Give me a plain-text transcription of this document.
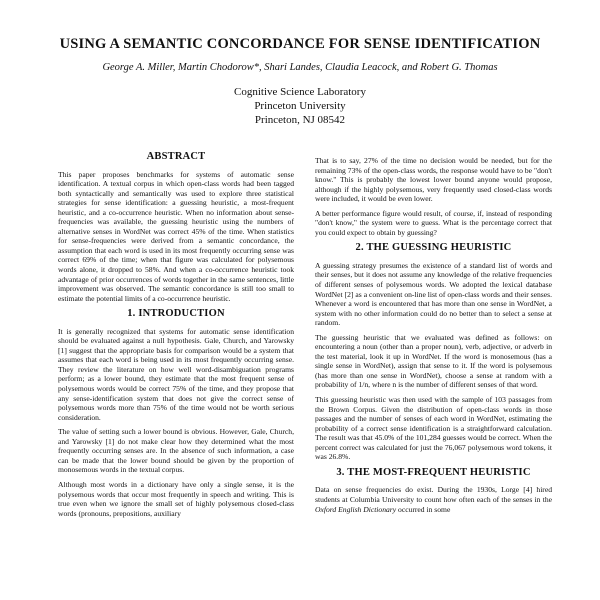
USING A SEMANTIC CONCORDANCE FOR SENSE IDENTIFICATION
George A. Miller, Martin Chodorow*, Shari Landes, Claudia Leacock, and Robert G. Thomas
Cognitive Science Laboratory
Princeton University
Princeton, NJ 08542
ABSTRACT

This paper proposes benchmarks for systems of automatic sense identification. A textual corpus in which open-class words had been tagged both syntactically and semantically was used to explore three statistical strategies for sense identification: a guessing heuristic, a most-frequent heuristic, and a co-occurrence heuristic. When no information about sense-frequencies was available, the guessing heuristic using the numbers of alternative senses in WordNet was correct 45% of the time. When statistics for sense-frequencies were derived from a semantic concordance, the assumption that each word is used in its most frequently occurring sense was correct 69% of the time; when that figure was calculated for polysemous words alone, it dropped to 58%. And when a co-occurrence heuristic took advantage of prior occurrences of words together in the same sentences, little improvement was observed. The semantic concordance is still too small to estimate the potential limits of a co-occurrence heuristic.

1. INTRODUCTION

It is generally recognized that systems for automatic sense identification should be evaluated against a null hypothesis. Gale, Church, and Yarowsky [1] suggest that the appropriate basis for comparison would be a system that assumes that each word is being used in its most frequently occurring sense. They review the literature on how well word-disambiguation programs perform; as a lower bound, they estimate that the most frequent sense of polysemous words would be correct 75% of the time, and they propose that any sense-identification system that does not give the correct sense of polysemous words more than 75% of the time would not be worth serious consideration.

The value of setting such a lower bound is obvious. However, Gale, Church, and Yarowsky [1] do not make clear how they determined what the most frequently occurring senses are. In the absence of such information, a case can be made that the lower bound should be given by the proportion of monosemous words in the textual corpus.

Although most words in a dictionary have only a single sense, it is the polysemous words that occur most frequently in speech and writing. This is true even when we ignore the small set of highly polysemous closed-class words (pronouns, prepositions, auxiliary

That is to say, 27% of the time no decision would be needed, but for the remaining 73% of the open-class words, the response would have to be "don't know." This is probably the lowest lower bound anyone would propose, although if the highly polysemous, very frequently used closed-class words were included, it would be even lower.

A better performance figure would result, of course, if, instead of responding "don't know," the system were to guess. What is the percentage correct that you could expect to obtain by guessing?

2. THE GUESSING HEURISTIC

A guessing strategy presumes the existence of a standard list of words and their senses, but it does not assume any knowledge of the relative frequencies of different senses of polysemous words. We adopted the lexical database WordNet [2] as a convenient on-line list of open-class words and their senses. Whenever a word is encountered that has more than one sense in WordNet, a system with no other information could do no better than to select a sense at random.

The guessing heuristic that we evaluated was defined as follows: on encountering a noun (other than a proper noun), verb, adjective, or adverb in the test material, look it up in WordNet. If the word is monosemous (has a single sense in WordNet), assign that sense to it. If the word is polysemous (has more than one sense in WordNet), choose a sense at random with a probability of 1/n, where n is the number of different senses of that word.

This guessing heuristic was then used with the sample of 103 passages from the Brown Corpus. Given the distribution of open-class words in those passages and the number of senses of each word in WordNet, estimating the probability of a correct sense identification is a straightforward calculation. The result was that 45.0% of the 101,284 guesses would be correct. When the percent correct was calculated for just the 76,067 polysemous word tokens, it was 26.8%.

3. THE MOST-FREQUENT HEURISTIC

Data on sense frequencies do exist. During the 1930s, Lorge [4] hired students at Columbia University to count how often each of the senses in the Oxford English Dictionary occurred in some
